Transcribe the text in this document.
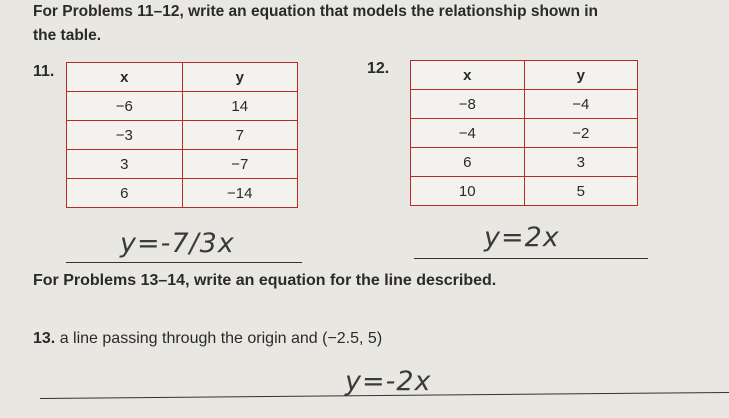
For Problems 11–12, write an equation that models the relationship shown in
the table.
11.	x	y
−6	14
−3	7
3	−7
6	−14
12.	x	y
−8	−4
−4	−2
6	3
10	5
y=-7/3x	y=2x
For Problems 13–14, write an equation for the line described.
13. a line passing through the origin and (−2.5, 5)
y=-2x
